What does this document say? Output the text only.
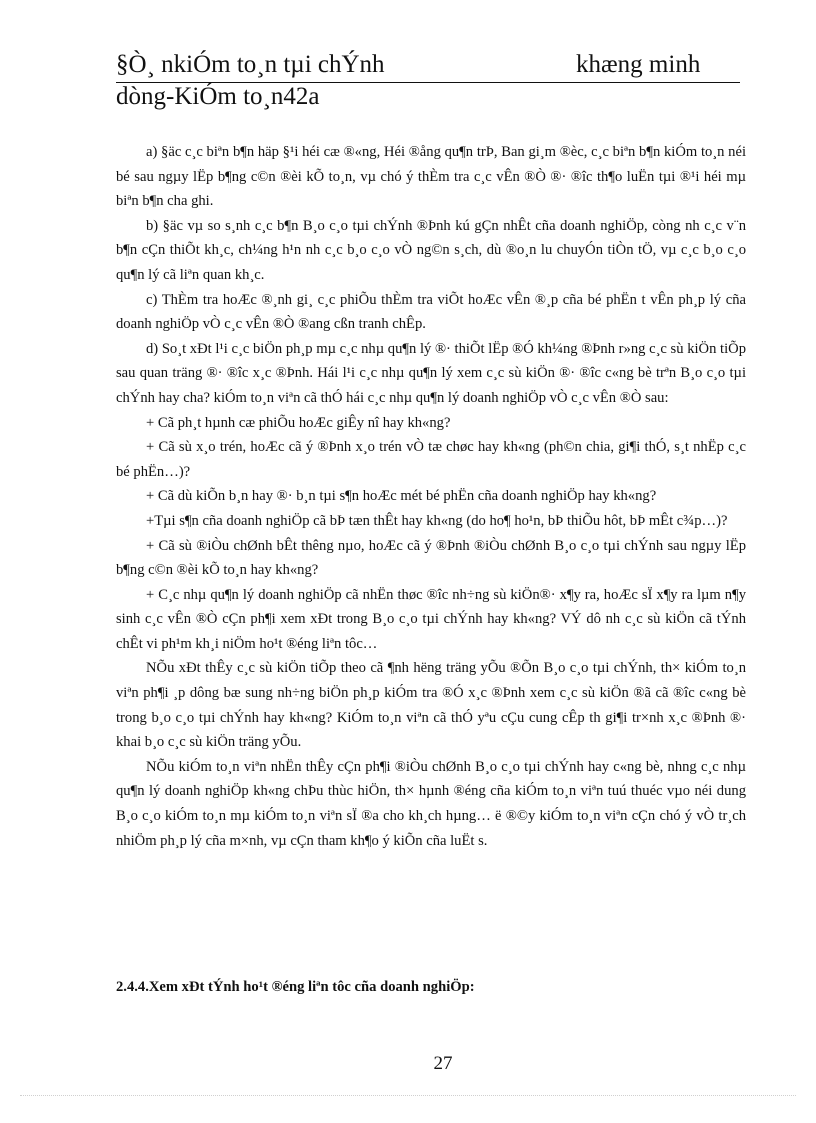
§Ò¸ nkiÓm to¸n tµi chÝnh	khæng minh
dòng-KiÓm to¸n42a

a) §äc c¸c biªn b¶n häp §¹i héi cæ ®«ng, Héi ®ång qu¶n trÞ, Ban gi¸m ®èc, c¸c biªn b¶n kiÓm to¸n néi bé sau ngµy lËp b¶ng c©n ®èi kÕ to¸n, vµ chó ý thÈm tra c¸c vÊn ®Ò ®· ®îc th¶o luËn tµi ®¹i héi mµ biªn b¶n cha ghi.

b) §äc vµ so s¸nh c¸c b¶n B¸o c¸o tµi chÝnh ®Þnh kú gÇn nhÊt cña doanh nghiÖp, còng nh c¸c v¨n b¶n cÇn thiÕt kh¸c, ch¼ng h¹n nh c¸c b¸o c¸o vÒ ng©n s¸ch, dù ®o¸n lu chuyÓn tiÒn tÖ, vµ c¸c b¸o c¸o qu¶n lý cã liªn quan kh¸c.

c) ThÈm tra hoÆc ®¸nh gi¸ c¸c phiÕu thÈm tra viÕt hoÆc vÊn ®¸p cña bé phËn t vÊn ph¸p lý cña doanh nghiÖp vÒ c¸c vÊn ®Ò ®ang cßn tranh chÊp.

d) So¸t xÐt l¹i c¸c biÖn ph¸p mµ c¸c nhµ qu¶n lý ®· thiÕt lËp ®Ó kh¼ng ®Þnh r»ng c¸c sù kiÖn tiÕp sau quan träng ®· ®îc x¸c ®Þnh. Hái l¹i c¸c nhµ qu¶n lý xem c¸c sù kiÖn ®· ®îc c«ng bè trªn B¸o c¸o tµi chÝnh hay cha? kiÓm to¸n viªn cã thÓ hái c¸c nhµ qu¶n lý doanh nghiÖp vÒ c¸c vÊn ®Ò sau:

+ Cã ph¸t hµnh cæ phiÕu hoÆc giÊy nî hay kh«ng?

+ Cã sù x¸o trén, hoÆc cã ý ®Þnh x¸o trén vÒ tæ chøc hay kh«ng (ph©n chia, gi¶i thÓ, s¸t nhËp c¸c bé phËn…)?

+ Cã dù kiÕn b¸n hay ®· b¸n tµi s¶n hoÆc mét bé phËn cña doanh nghiÖp hay kh«ng?

+Tµi s¶n cña doanh nghiÖp cã bÞ tæn thÊt hay kh«ng (do ho¶ ho¹n, bÞ thiÕu hôt, bÞ mÊt c¾p…)?

+ Cã sù ®iÒu chØnh bÊt thêng nµo, hoÆc cã ý ®Þnh ®iÒu chØnh B¸o c¸o tµi chÝnh sau ngµy lËp b¶ng c©n ®èi kÕ to¸n hay kh«ng?

+ C¸c nhµ qu¶n lý doanh nghiÖp cã nhËn thøc ®îc nh÷ng sù kiÖn®· x¶y ra, hoÆc sÏ x¶y ra lµm n¶y sinh c¸c vÊn ®Ò cÇn ph¶i xem xÐt trong B¸o c¸o tµi chÝnh hay kh«ng? VÝ dô nh c¸c sù kiÖn cã tÝnh chÊt vi ph¹m kh¸i niÖm ho¹t ®éng liªn tôc…

NÕu xÐt thÊy c¸c sù kiÖn tiÕp theo cã ¶nh hëng träng yÕu ®Õn B¸o c¸o tµi chÝnh, th× kiÓm to¸n viªn ph¶i ¸p dông bæ sung nh÷ng biÖn ph¸p kiÓm tra ®Ó x¸c ®Þnh xem c¸c sù kiÖn ®ã cã ®îc c«ng bè trong b¸o c¸o tµi chÝnh hay kh«ng? KiÓm to¸n viªn cã thÓ yªu cÇu cung cÊp th gi¶i tr×nh x¸c ®Þnh ®· khai b¸o c¸c sù kiÖn träng yÕu.

NÕu kiÓm to¸n viªn nhËn thÊy cÇn ph¶i ®iÒu chØnh B¸o c¸o tµi chÝnh hay c«ng bè, nhng c¸c nhµ qu¶n lý doanh nghiÖp kh«ng chÞu thùc hiÖn, th× hµnh ®éng cña kiÓm to¸n viªn tuú thuéc vµo néi dung B¸o c¸o kiÓm to¸n mµ kiÓm to¸n viªn sÏ ®a cho kh¸ch hµng… ë ®©y kiÓm to¸n viªn cÇn chó ý vÒ tr¸ch nhiÖm ph¸p lý cña m×nh, vµ cÇn tham kh¶o ý kiÕn cña luËt s.

2.4.4.Xem xÐt tÝnh ho¹t ®éng liªn tôc cña doanh nghiÖp:
27
